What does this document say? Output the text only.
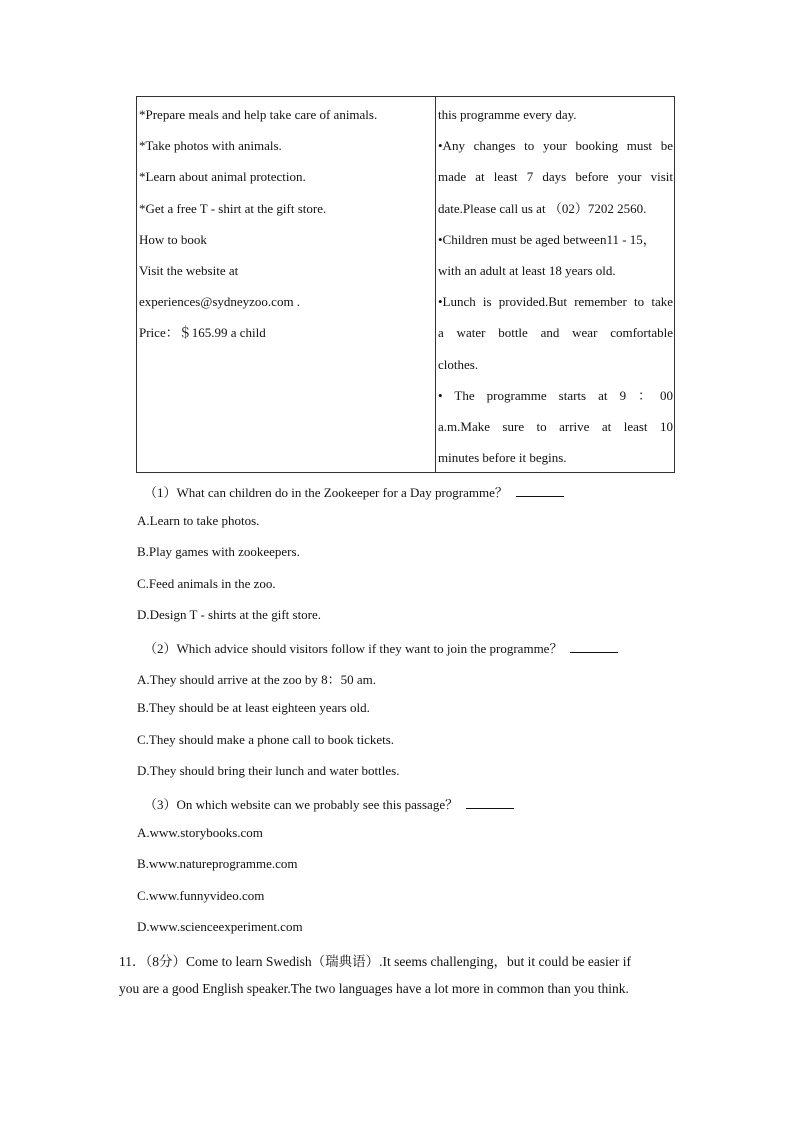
*Prepare meals and help take care of animals.
*Take photos with animals.
*Learn about animal protection.
*Get a free T - shirt at the gift store.
How to book
Visit the website at
experiences@sydneyzoo.com .
Price：＄165.99 a child
this programme every day.
•Any changes to your booking must be
made at least 7 days before your visit
date.Please call us at （02）7202 2560.
•Children must be aged between11 - 15，
with an adult at least 18 years old.
•Lunch is provided.But remember to take
a water bottle and wear comfortable
clothes.
• The programme starts at 9 ：00
a.m.Make sure to arrive at least 10
minutes before it begins.
（1）What can children do in the Zookeeper for a Day programme？
A.Learn to take photos.
B.Play games with zookeepers.
C.Feed animals in the zoo.
D.Design T - shirts at the gift store.
（2）Which advice should visitors follow if they want to join the programme？
A.They should arrive at the zoo by 8：50 am.
B.They should be at least eighteen years old.
C.They should make a phone call to book tickets.
D.They should bring their lunch and water bottles.
（3）On which website can we probably see this passage？
A.www.storybooks.com
B.www.natureprogramme.com
C.www.funnyvideo.com
D.www.scienceexperiment.com
11．（8分）Come to learn Swedish（瑞典语）.It seems challenging，but it could be easier if
you are a good English speaker.The two languages have a lot more in common than you think.
